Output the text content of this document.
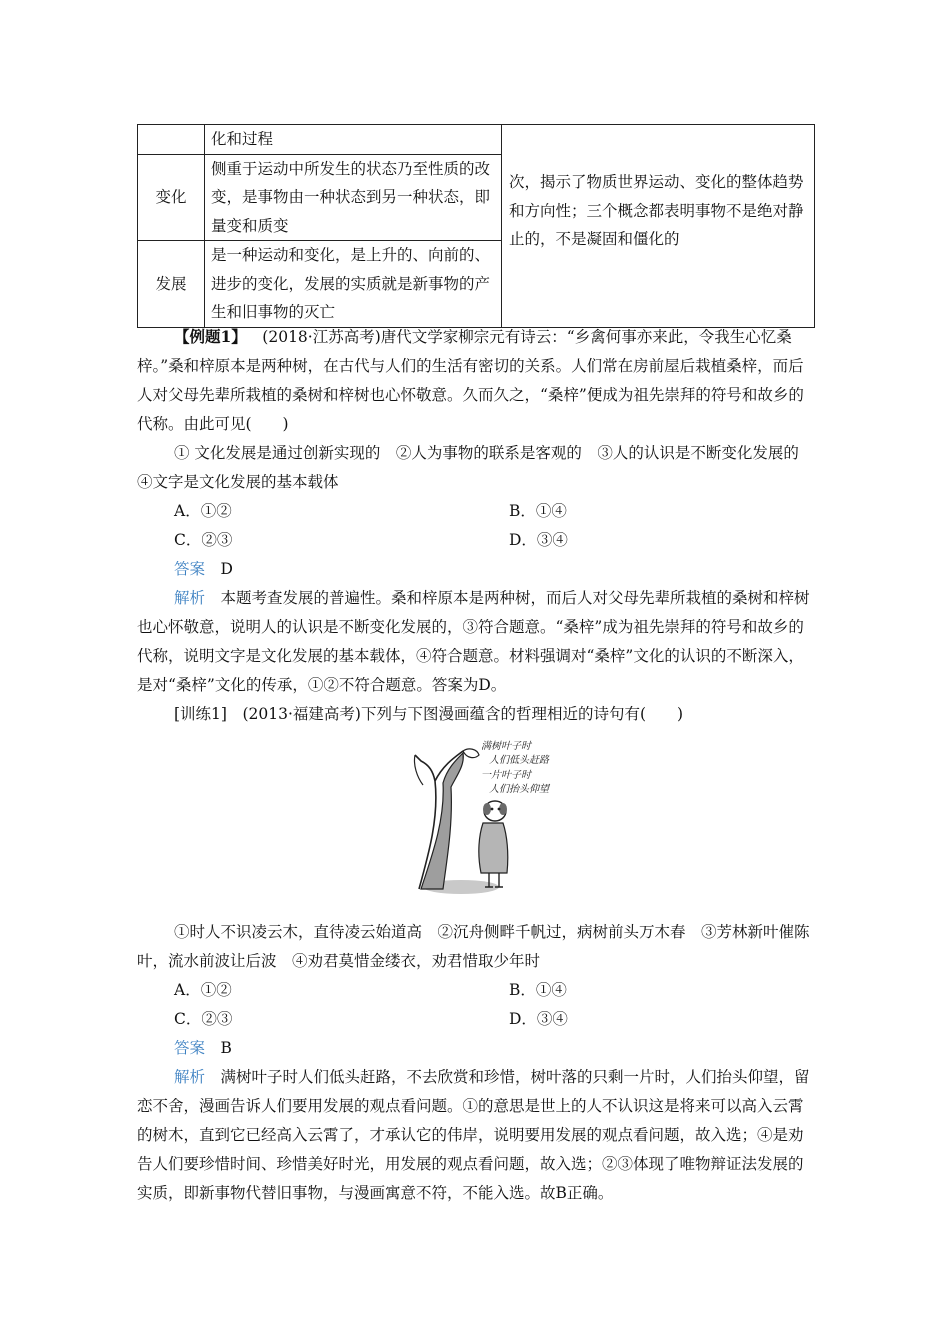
	化和过程	次，揭示了物质世界运动、变化的整体趋势和方向性；三个概念都表明事物不是绝对静止的，不是凝固和僵化的
变化	侧重于运动中所发生的状态乃至性质的改变，是事物由一种状态到另一种状态，即量变和质变	
发展	是一种运动和变化，是上升的、向前的、进步的变化，发展的实质就是新事物的产生和旧事物的灭亡	

【例题1】  (2018·江苏高考)唐代文学家柳宗元有诗云：“乡禽何事亦来此，令我生心忆桑梓。”桑和梓原本是两种树，在古代与人们的生活有密切的关系。人们常在房前屋后栽植桑梓，而后人对父母先辈所栽植的桑树和梓树也心怀敬意。久而久之，“桑梓”便成为祖先崇拜的符号和故乡的代称。由此可见(　　)

① 文化发展是通过创新实现的　②人为事物的联系是客观的　③人的认识是不断变化发展的　④文字是文化发展的基本载体

A．①②	B．①④
C．②③	D．③④

答案  D

解析  本题考查发展的普遍性。桑和梓原本是两种树，而后人对父母先辈所栽植的桑树和梓树也心怀敬意，说明人的认识是不断变化发展的，③符合题意。“桑梓”成为祖先崇拜的符号和故乡的代称，说明文字是文化发展的基本载体，④符合题意。材料强调对“桑梓”文化的认识的不断深入，是对“桑梓”文化的传承，①②不符合题意。答案为D。

[训练1]  (2013·福建高考)下列与下图漫画蕴含的哲理相近的诗句有(　　)

满树叶子时
人们低头赶路
一片叶子时
人们抬头仰望

①时人不识凌云木，直待凌云始道高　②沉舟侧畔千帆过，病树前头万木春　③芳林新叶催陈叶，流水前波让后波　④劝君莫惜金缕衣，劝君惜取少年时

A．①②	B．①④
C．②③	D．③④

答案  B

解析  满树叶子时人们低头赶路，不去欣赏和珍惜，树叶落的只剩一片时，人们抬头仰望，留恋不舍，漫画告诉人们要用发展的观点看问题。①的意思是世上的人不认识这是将来可以高入云霄的树木，直到它已经高入云霄了，才承认它的伟岸，说明要用发展的观点看问题，故入选；④是劝告人们要珍惜时间、珍惜美好时光，用发展的观点看问题，故入选；②③体现了唯物辩证法发展的实质，即新事物代替旧事物，与漫画寓意不符，不能入选。故B正确。
